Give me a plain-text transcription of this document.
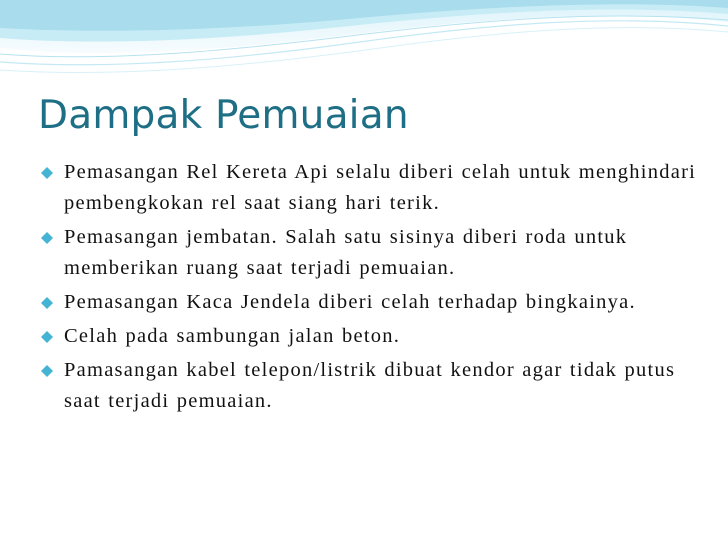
Dampak Pemuaian
Pemasangan Rel Kereta Api selalu diberi celah untuk menghindari pembengkokan rel saat siang hari terik.
Pemasangan jembatan. Salah satu sisinya diberi roda untuk memberikan ruang saat terjadi pemuaian.
Pemasangan Kaca Jendela diberi celah terhadap bingkainya.
Celah pada sambungan jalan beton.
Pamasangan kabel telepon/listrik dibuat kendor agar tidak putus saat terjadi pemuaian.
